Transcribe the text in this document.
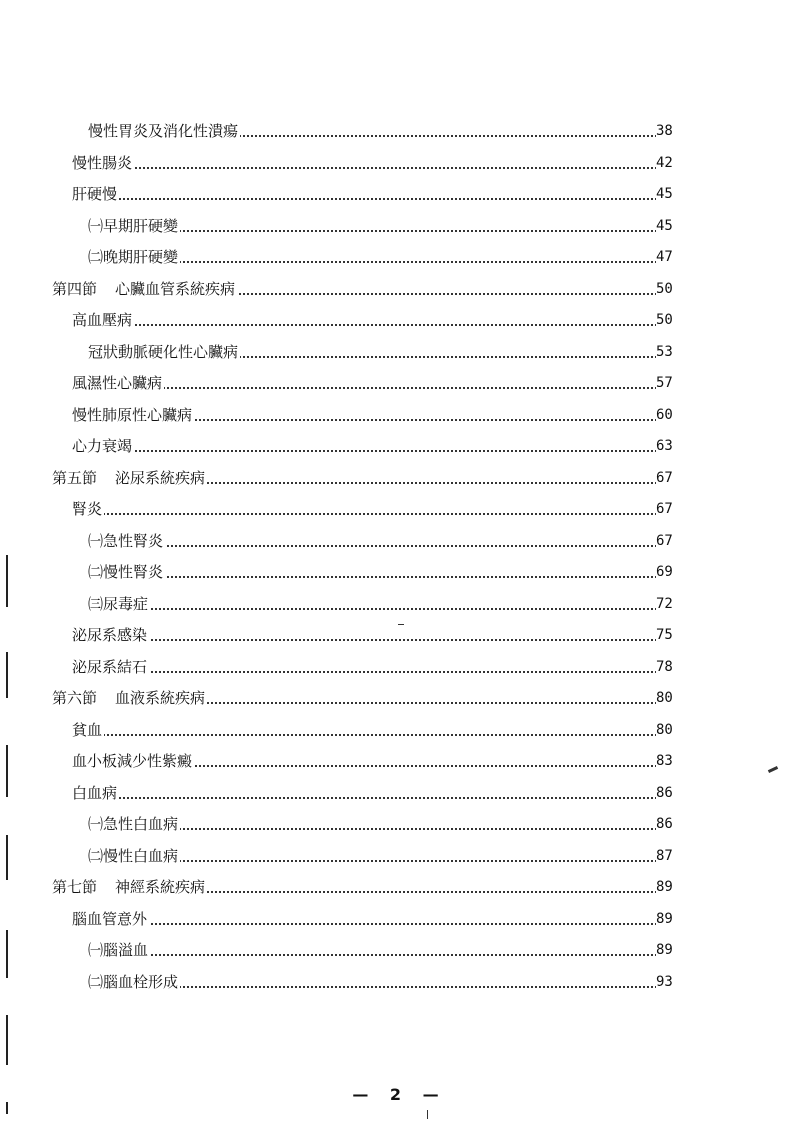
慢性胃炎及消化性潰瘍	38
慢性腸炎	42
肝硬慢	45
㈠早期肝硬變	45
㈡晚期肝硬變	47
第四節 心臟血管系統疾病	50
高血壓病	50
冠狀動脈硬化性心臟病	53
風濕性心臟病	57
慢性肺原性心臟病	60
心力衰竭	63
第五節 泌尿系統疾病	67
腎炎	67
㈠急性腎炎	67
㈡慢性腎炎	69
㈢尿毒症	72
泌尿系感染	75
泌尿系結石	78
第六節 血液系統疾病	80
貧血	80
血小板減少性紫癜	83
白血病	86
㈠急性白血病	86
㈡慢性白血病	87
第七節 神經系統疾病	89
腦血管意外	89
㈠腦溢血	89
㈡腦血栓形成	93
— 2 —
